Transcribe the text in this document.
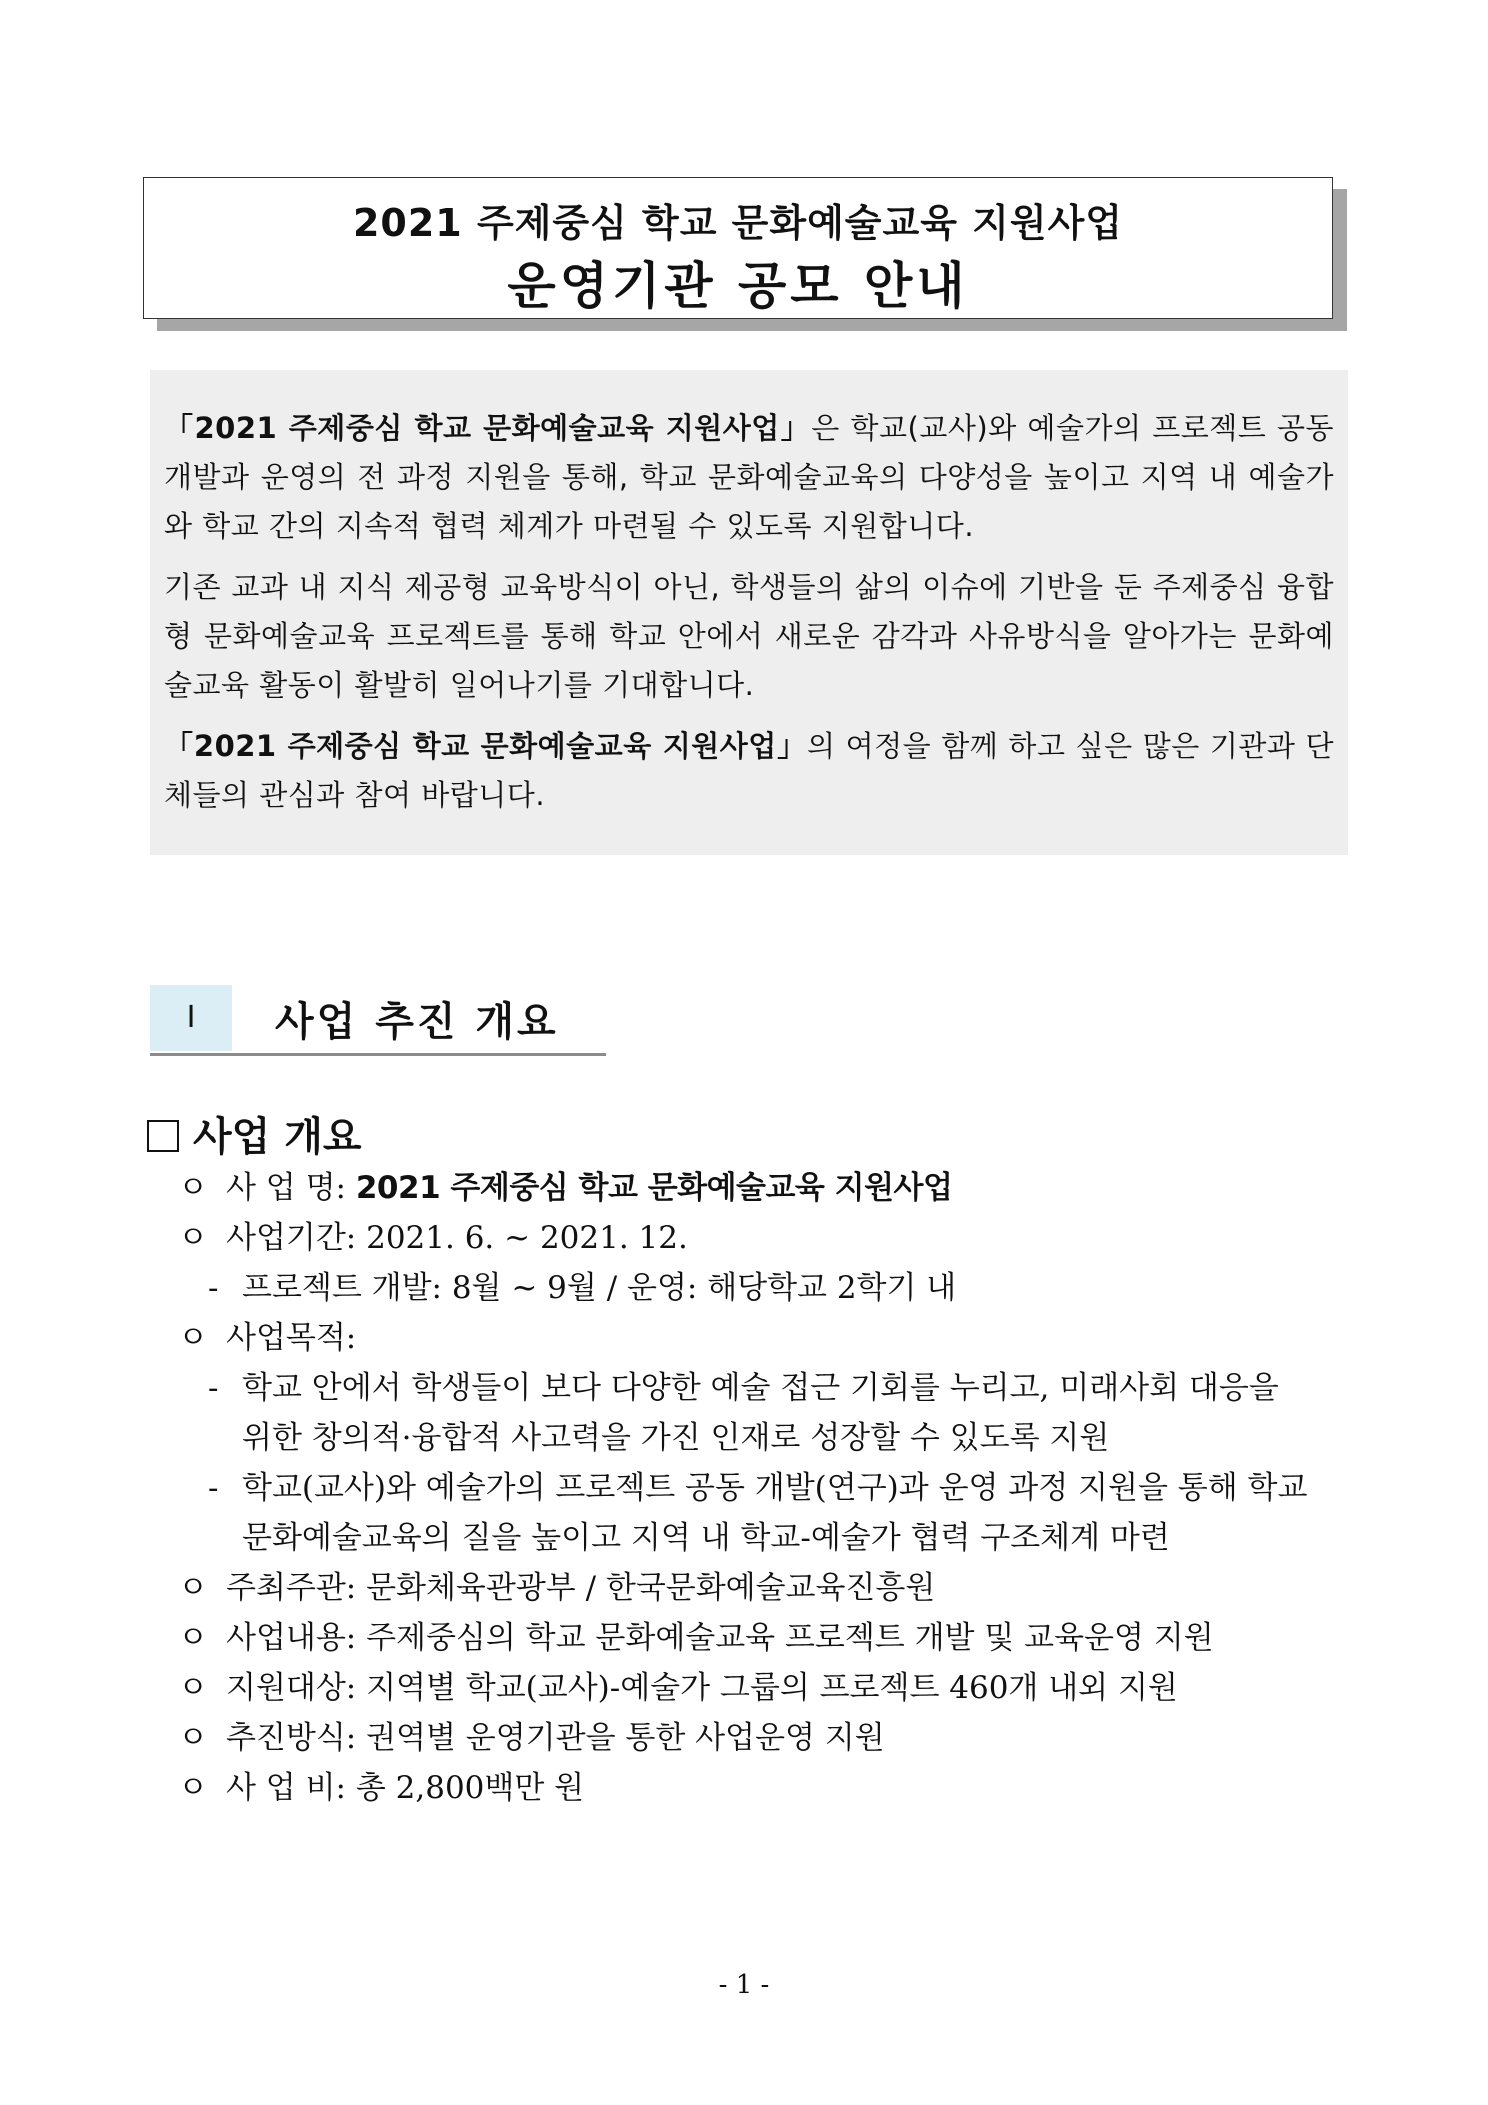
2021 주제중심 학교 문화예술교육 지원사업
운영기관 공모 안내

「2021 주제중심 학교 문화예술교육 지원사업」은 학교(교사)와 예술가의 프로젝트 공동 개발과 운영의 전 과정 지원을 통해, 학교 문화예술교육의 다양성을 높이고 지역 내 예술가와 학교 간의 지속적 협력 체계가 마련될 수 있도록 지원합니다.

기존 교과 내 지식 제공형 교육방식이 아닌, 학생들의 삶의 이슈에 기반을 둔 주제중심 융합형 문화예술교육 프로젝트를 통해 학교 안에서 새로운 감각과 사유방식을 알아가는 문화예술교육 활동이 활발히 일어나기를 기대합니다.

「2021 주제중심 학교 문화예술교육 지원사업」의 여정을 함께 하고 싶은 많은 기관과 단체들의 관심과 참여 바랍니다.

Ⅰ	사업 추진 개요
사업 개요
ㅇ 사 업 명: 2021 주제중심 학교 문화예술교육 지원사업
ㅇ 사업기간: 2021. 6. ~ 2021. 12.
- 프로젝트 개발: 8월 ~ 9월 / 운영: 해당학교 2학기 내
ㅇ 사업목적:
- 학교 안에서 학생들이 보다 다양한 예술 접근 기회를 누리고, 미래사회 대응을
위한 창의적·융합적 사고력을 가진 인재로 성장할 수 있도록 지원
- 학교(교사)와 예술가의 프로젝트 공동 개발(연구)과 운영 과정 지원을 통해 학교
문화예술교육의 질을 높이고 지역 내 학교-예술가 협력 구조체계 마련
ㅇ 주최주관: 문화체육관광부 / 한국문화예술교육진흥원
ㅇ 사업내용: 주제중심의 학교 문화예술교육 프로젝트 개발 및 교육운영 지원
ㅇ 지원대상: 지역별 학교(교사)-예술가 그룹의 프로젝트 460개 내외 지원
ㅇ 추진방식: 권역별 운영기관을 통한 사업운영 지원
ㅇ 사 업 비: 총 2,800백만 원
- 1 -
